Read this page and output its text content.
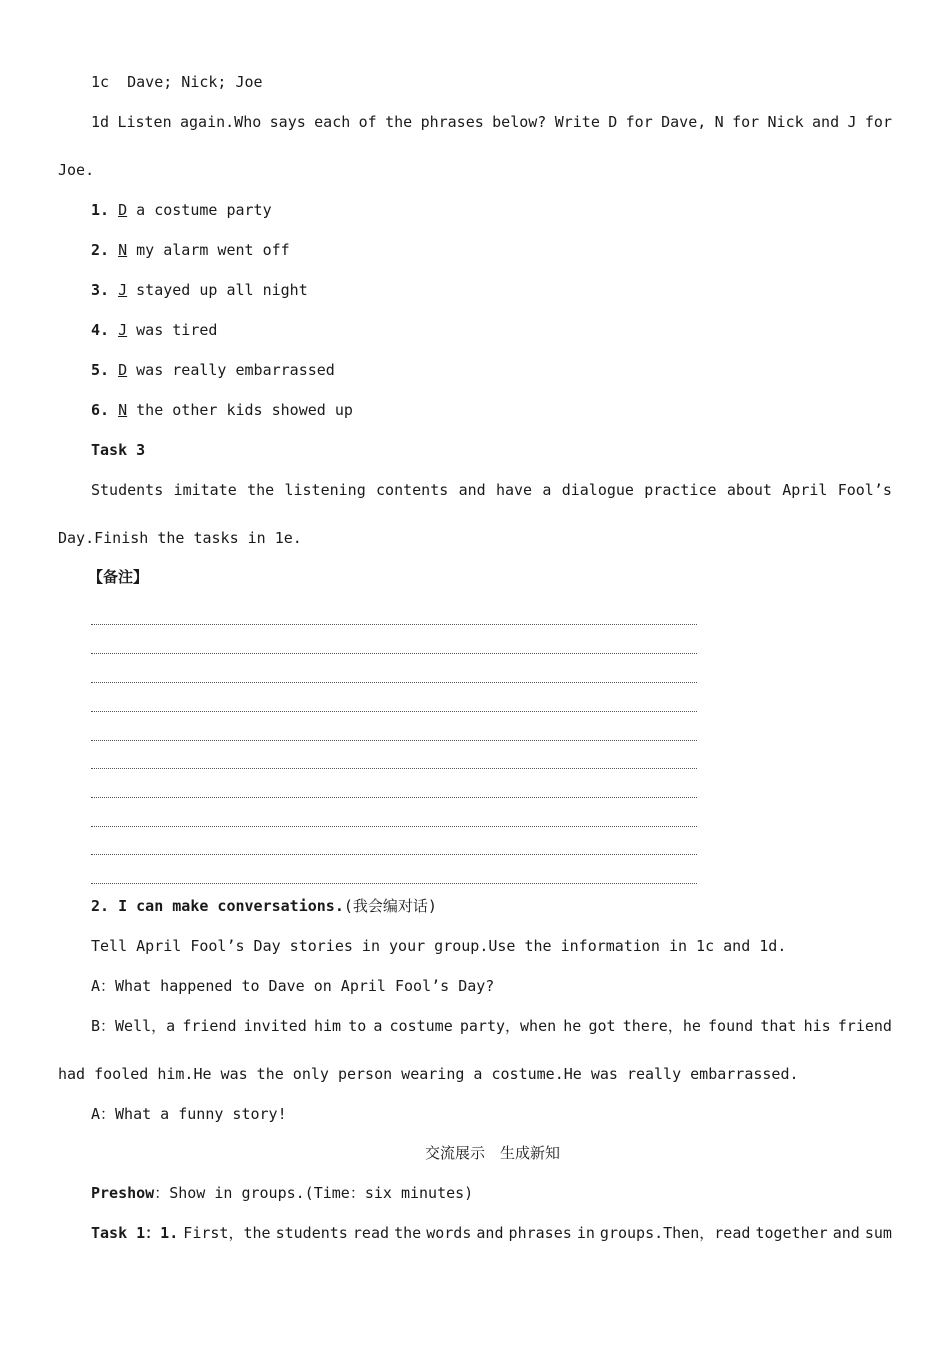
1c Dave; Nick; Joe
1d Listen again.Who says each of the phrases below? Write D for Dave, N for Nick and J for
Joe.
1. D a costume party
2. N my alarm went off
3. J stayed up all night
4. J was tired
5. D was really embarrassed
6. N the other kids showed up
Task 3
Students imitate the listening contents and have a dialogue practice about April Fool’s
Day.Finish the tasks in 1e.
【备注】
2. I can make conversations.(我会编对话)
Tell April Fool’s Day stories in your group.Use the information in 1c and 1d.
A：What happened to Dave on April Fool’s Day?
B：Well，a friend invited him to a costume party，when he got there，he found that his friend
had fooled him.He was the only person wearing a costume.He was really embarrassed.
A：What a funny story!
交流展示　生成新知
Preshow：Show in groups.(Time：six minutes)
Task 1：1. First，the students read the words and phrases in groups.Then，read together and sum
